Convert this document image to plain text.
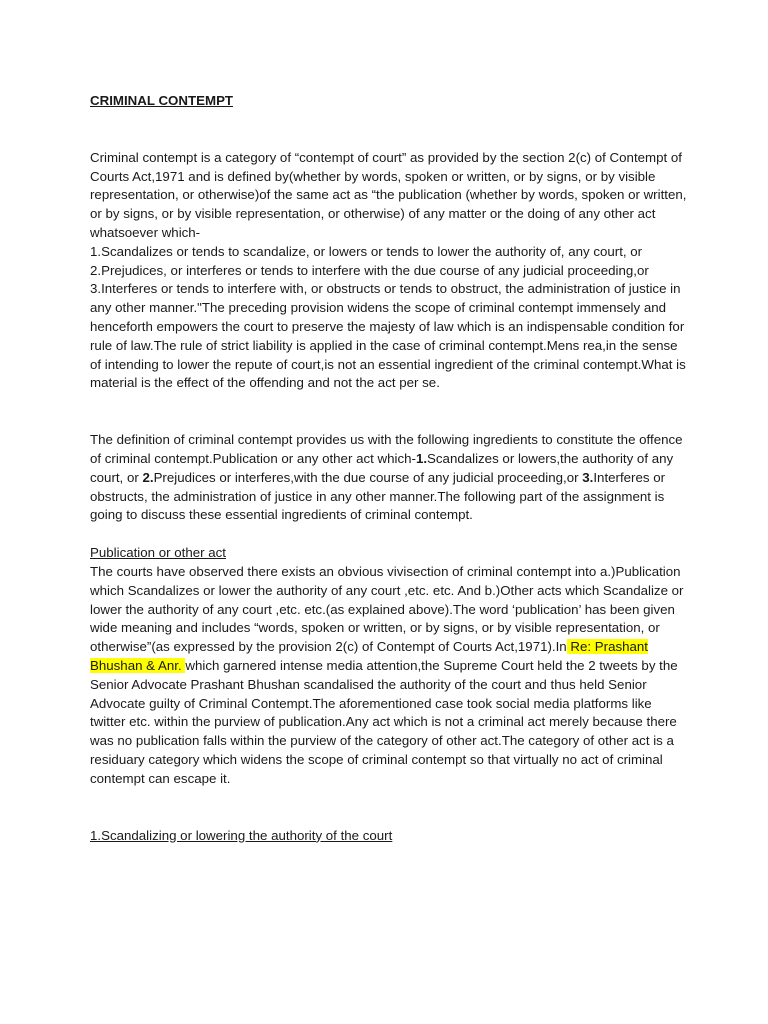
CRIMINAL CONTEMPT

Criminal contempt is a category of “contempt of court” as provided by the section 2(c) of Contempt of Courts Act,1971 and is defined by(whether by words, spoken or written, or by signs, or by visible representation, or otherwise)of the same act as “the publication (whether by words, spoken or written, or by signs, or by visible representation, or otherwise) of any matter or the doing of any other act whatsoever which-

1.Scandalizes or tends to scandalize, or lowers or tends to lower the authority of, any court, or

2.Prejudices, or interferes or tends to interfere with the due course of any judicial proceeding,or

3.Interferes or tends to interfere with, or obstructs or tends to obstruct, the administration of justice in any other manner."The preceding provision widens the scope of criminal contempt immensely and henceforth empowers the court to preserve the majesty of law which is an indispensable condition for rule of law.The rule of strict liability is applied in the case of criminal contempt.Mens rea,in the sense of intending to lower the repute of court,is not an essential ingredient of the criminal contempt.What is material is the effect of the offending and not the act per se.

The definition of criminal contempt provides us with the following ingredients to constitute the offence of criminal contempt.Publication or any other act which-1.Scandalizes or lowers,the authority of any court, or 2.Prejudices or interferes,with the due course of any judicial proceeding,or 3.Interferes or obstructs, the administration of justice in any other manner.The following part of the assignment is going to discuss these essential ingredients of criminal contempt.

Publication or other act

The courts have observed there exists an obvious vivisection of criminal contempt into a.)Publication which Scandalizes or lower the authority of any court ,etc. etc. And b.)Other acts which Scandalize or lower the authority of any court ,etc. etc.(as explained above).The word ‘publication’ has been given wide meaning and includes “words, spoken or written, or by signs, or by visible representation, or otherwise”(as expressed by the provision 2(c) of Contempt of Courts Act,1971).In Re: Prashant Bhushan & Anr. which garnered intense media attention,the Supreme Court held the 2 tweets by the Senior Advocate Prashant Bhushan scandalised the authority of the court and thus held Senior Advocate guilty of Criminal Contempt.The aforementioned case took social media platforms like twitter etc. within the purview of publication.Any act which is not a criminal act merely because there was no publication falls within the purview of the category of other act.The category of other act is a residuary category which widens the scope of criminal contempt so that virtually no act of criminal contempt can escape it.

1.Scandalizing or lowering the authority of the court
